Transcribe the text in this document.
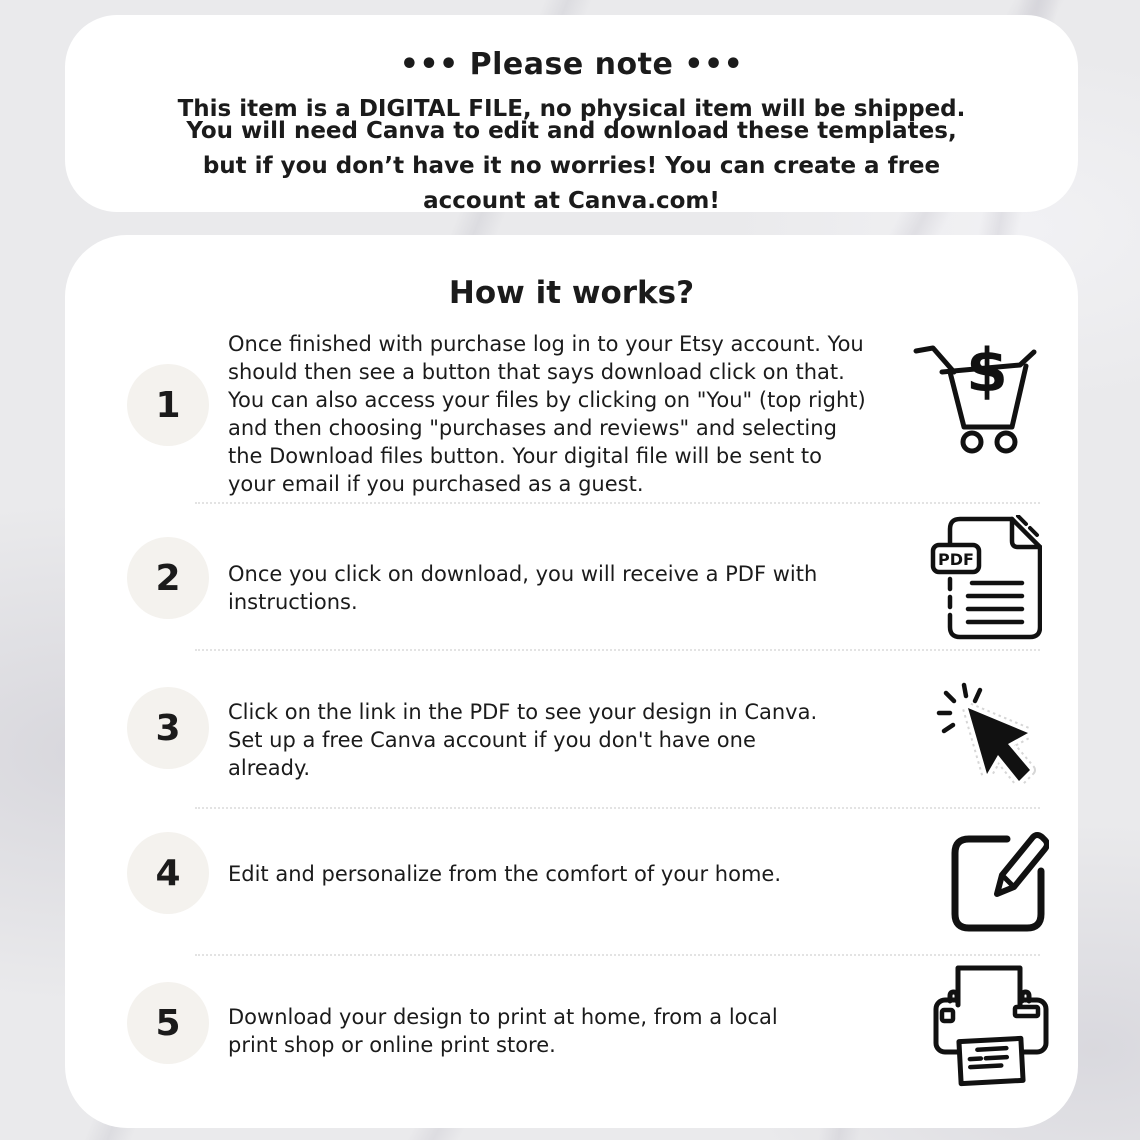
••• Please note •••

This item is a DIGITAL FILE, no physical item will be shipped.

You will need Canva to edit and download these templates,
but if you don’t have it no worries! You can create a free
account at Canva.com!
How it works?
1
Once finished with purchase log in to your Etsy account. You
should then see a button that says download click on that.
You can also access your files by clicking on "You" (top right)
and then choosing "purchases and reviews" and selecting
the Download files button. Your digital file will be sent to
your email if you purchased as a guest.
$
2 Once you click on download, you will receive a PDF with
instructions.
PDF
3 Click on the link in the PDF to see your design in Canva.
Set up a free Canva account if you don't have one
already.
4 Edit and personalize from the comfort of your home.
5 Download your design to print at home, from a local
print shop or online print store.
